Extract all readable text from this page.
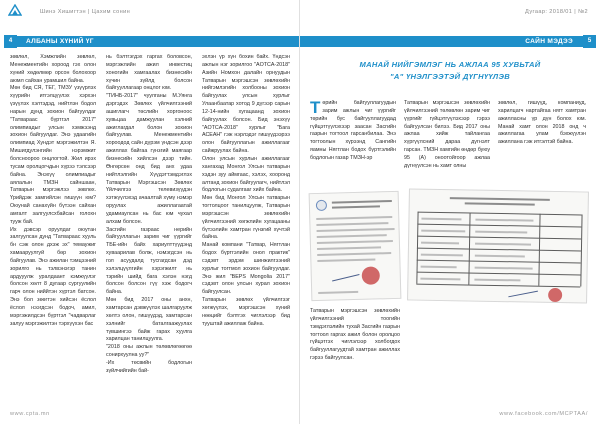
Шинэ Хишигтэн | Цахим сонин
4	АЛБАНЫ ХҮНИЙ ҮГ
зөвлөл, Хэмжлийн зөвлөл, Менежментийн хороод гэх олон хүний хөдөлмөр орсон болохоор аюмл сайхан урамшил байна.
Мөн бид СЯ, ТЕГ, ТМЗУ үзүүрлэх хүүрийн итгэлцүүлэх хэрхэн үзүүлэх хэлтэдэд, нийтлэн бодол нарын дунд зохион байгуулдаг "Татвараас бүртгэл 2017" олимпиадыг улсын хэмжээнд зохион байгуулдаг. Энэ удаагийн олимпиад Хундэт мэргэжилтэн Я. Мишигдулэнгийн нэрэмжит болсноороо онцлогтой. Жил ирэх тусам оролцогчдын хүрээ тэлсээр байна. Энэхүү олимпиадыг аялалын ТМЗН сайншаан, Татварын мэргэжлээ зөвлөх. Үрийдэж замгийлэн гишүүн юм? Оюунай санахүйн бүтээн сайхан амгалт залгуулсхбайсан голохн тууж бай.
Их дэвсэр оруулдаг оюутан залгуулсан дунд "Татвараас хууль бн сэж олон дхэж эх" темаужиг хамааруулгуй бөр зохион байгуулав. Энэ ажилан тэмцээний зорилго нь тэлвэнэгэр танин ардууулж уралдаант кэмжүүлэг болсон хөлт 8 дугаар сургуулийн гарч олон ниййтэн хүртэл батсон. Энэ бол зөөгтэн хийсэн ёслол ёслол нээгдсэн бодоч, амил, мэргэжилдсэн бүртгэл "чадварлаг залуу мэргэжилтэн тэрхүүхэн бас
нь бэлтгэгдэх гаргах боловсон, мэргэжлийн ажил инвестиц хоногийн хамгаалах бизнесийн хүчин зүйлд болсон байгууллагаар онцлог юм.
"ТИНБ-2017" чуулганы М.Уянга дэргэдэх Зөвлөх үйлчилгээний ашиглагч төслийн хоргоноос хувьцаа дамжуулан хэлний ажиглагдал болон зохион байгуулав. Менежментийн хороодод сайн дүрэм үндсэн дээр ажиллах байгаа гүнзгий маягаар бизнесийн хийлсэн дээр тийн. Өнгөрсөн онд бид анх удаа нийтлэлгийн Хүүдэттэмдэглэх Татварын Мэргэшсэн Зөвлөх Үйлчилгээ телевизүүдэн хэтжүүлэхэд ачаалтай хүмү нэмэр оруулах ажиллагаатай удамиаулсан нь бас юм чухал алхам болсон.
Засгийн газраас нерийн байгууллагын зарим чиг үүргийг ТБЕ-ийн байх хариулттүүдэнд хуваарилав болж, нэмэгдсэн нь гол асуудалд тусгагдсан дэд хэлэлцүүлгийн хэрэгжилт нь тэрийн шийд бага хэлэн нэгд болсон болсон гүү хэж бодогч байна.
Мөн бид 2017 оны анхн, хамтарсан дэвжүүлэх шалгаруулж хөлтэ олон, гишүүдэд, хамтарсан хэлнийг баталгаажуулах түвшингээ байж гарах хуулга харилцан танилцуулга.
"2018 оны ажлын төлөвлөгөөгөө сонирхуулна уу?"
-Их төсвийн бодлогын зүйлчийгийн бай-
эхлэн үр хүн бохин байх. Үндсэн ажлын нэг зорилгоо "AOTCA-2018" Азийн Номхон далайн орнуудын Татварын мэргэшсэн зөвлөхийн нийгэмлэгийн холбооны зохион байгуулах улсын хурлыг Улаанбаатар хотод 9 дүгээр сарын 12-14-нийн хугацаанд зохион байгуулах болсон. Бид энэхүү "AOTCA-2018" хурлыг "Бага АСЕАН" гэж нэрлэдэг гишүүдээрээ олон байгууллагын ажиллагааг сайжруулах байна.
Олон улсын хурлын ажиллагааг хангахад Монгол Улсын татварын хэдэн зуу аймгаас, хэлэх, хооронд алтанд зохион байгуулагч, нийтлэл бодлогын судалгааг хийх байна.
Мөн бид Монгол Улсын татварын тогтолцоог танилцуулж, Татварын мэргэшсэн зөвлөхийн үйлчилгээний хөгжлийн хугацааны бүтээлийн хамтран гүнзгий хүчтэй байна.
Манай компани "Татвар, Нягтлан бодох бүртгэлийн онол практик" сэдэвт эрдэм шинжилгээний хурлыг тогтмол зохион байгуулдаг. Энэ жил "BEPS Mongolia 2017" сэдэвт олон улсын хурал зохион байгуулсан.
Татварын зөвлөх үйлчилгээг хөгжүүлэх, мэргэшсэн хүний нөөцийг бэлтгэх чиглэлээр бид тууштай ажиллаж байна.
www.cpta.mn
Дугаар: 2018/01 | №2
САЙН МЭДЭЭ	5
МАНАЙ НИЙГЭМЛЭГ НЬ АЖЛАА 95 ХУВЬТАЙ
"А" ҮНЭЛГЭЭТЭЙ ДҮГНҮҮЛЭВ
Төрийн байгууллагуудын зарим ажлын чиг үүргийг төрийн бус байгууллагуудад гүйцэтгүүлэхээр заасан Засгийн газрын тогтоол гарсанбилаа. Энэ тогтоолын хүрээнд Сангийн яамны Нягтлан бодох бүртгэлийн бодлогын газар ТМЗН-эр
Татварын мэргэшсэн зөвлөхийн үйлчилгээний төлөвлөн зарим чиг үүргийг гүйцэтгүүлэхээр гэрээ байгуулсан билээ. Бид 2017 оны ажлаа хийж тайлангаа хүргүүлсний дараа дүгнэлт гарсан. ТМЗН хамгийн өндөр буюу 95 (А) оноотойгоор ажлаа дүгнүүлсэн нь хамт олны
зөвлөл, гишүүд, компаниуд, харилцагч нартайгаа нягт хамтран ажилласны үр дүн болох юм. Манай хамт олон 2018 онд ч ажиллагаа улам бэхжүүлэн ажиллана гэж итгэлтэй байна.
Татварын мэргэшсэн зөвлөхийн үйлчилгээний тоогийн тэмдэглэлийн тухай Засгийн газрын тогтоол гаргах ажил болон оролцоо гүйцэтгэх чиглэлээр холбогдох байгууллагуудтай хамтран ажиллах гэрээ байгуулсан.
www.facebook.com/MCPTAA/
